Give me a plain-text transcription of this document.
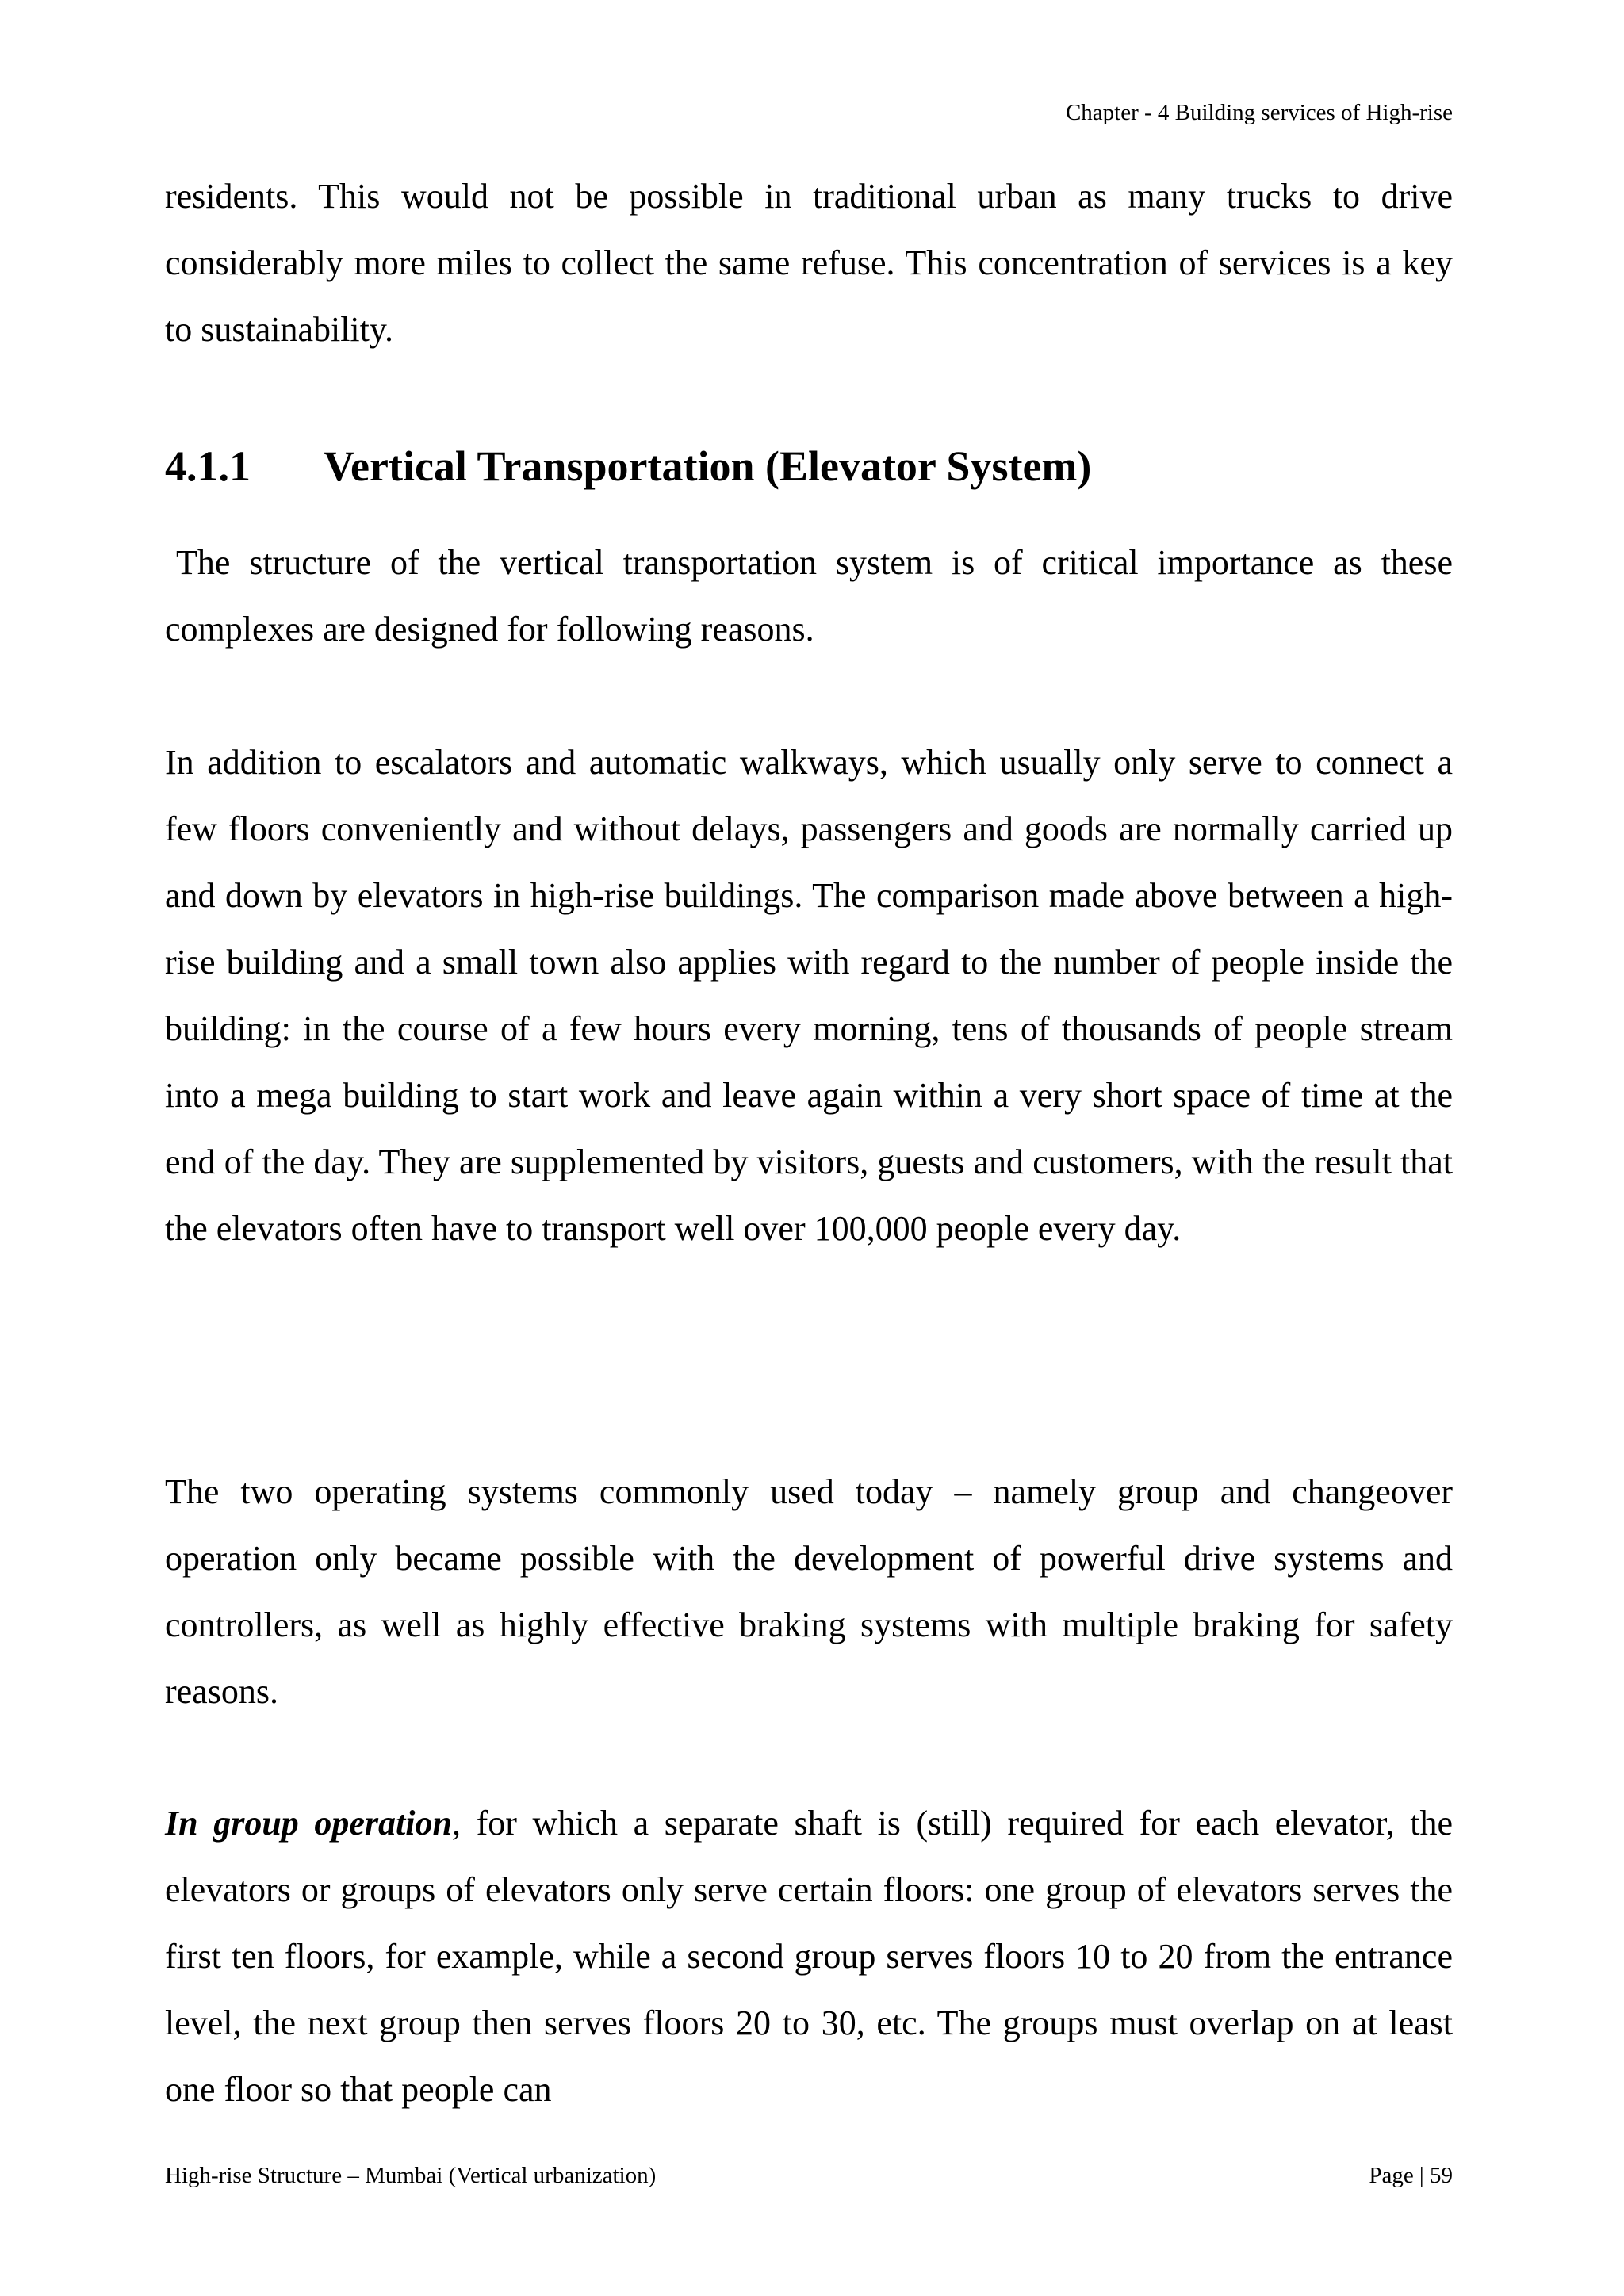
Chapter - 4 Building services of High-rise

residents. This would not be possible in traditional urban as many trucks to drive considerably more miles to collect the same refuse. This concentration of services is a key to sustainability.

4.1.1 Vertical Transportation (Elevator System)

The structure of the vertical transportation system is of critical importance as these complexes are designed for following reasons.

In addition to escalators and automatic walkways, which usually only serve to connect a few floors conveniently and without delays, passengers and goods are normally carried up and down by elevators in high-rise buildings. The comparison made above between a high-rise building and a small town also applies with regard to the number of people inside the building: in the course of a few hours every morning, tens of thousands of people stream into a mega building to start work and leave again within a very short space of time at the end of the day. They are supplemented by visitors, guests and customers, with the result that the elevators often have to transport well over 100,000 people every day.

The two operating systems commonly used today – namely group and changeover operation only became possible with the development of powerful drive systems and controllers, as well as highly effective braking systems with multiple braking for safety reasons.

In group operation, for which a separate shaft is (still) required for each elevator, the elevators or groups of elevators only serve certain floors: one group of elevators serves the first ten floors, for example, while a second group serves floors 10 to 20 from the entrance level, the next group then serves floors 20 to 30, etc. The groups must overlap on at least one floor so that people can

High-rise Structure – Mumbai (Vertical urbanization)	Page | 59
